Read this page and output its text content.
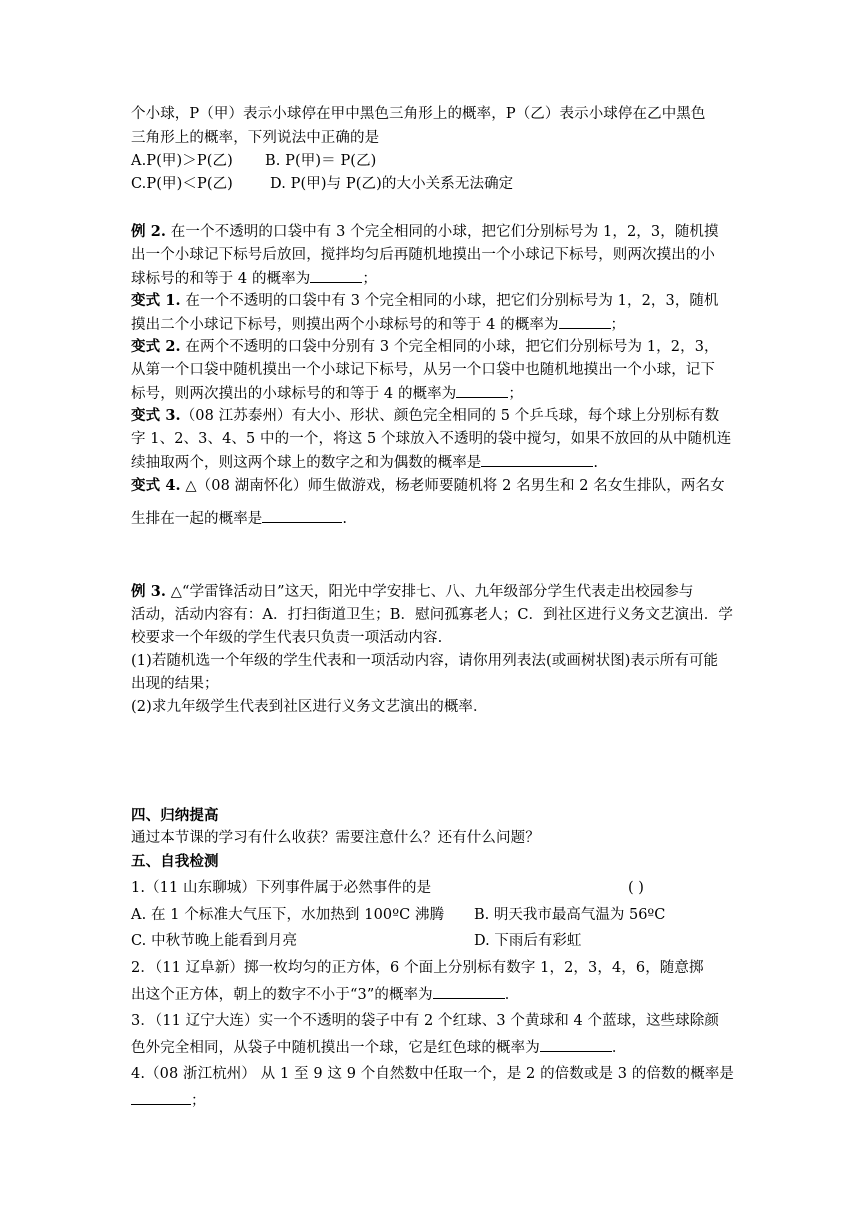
个小球，P（甲）表示小球停在甲中黑色三角形上的概率，P（乙）表示小球停在乙中黑色
三角形上的概率，下列说法中正确的是
A.P(甲)＞P(乙) B. P(甲)＝ P(乙)
C.P(甲)＜P(乙)	D. P(甲)与 P(乙)的大小关系无法确定
例 2. 在一个不透明的口袋中有 3 个完全相同的小球，把它们分别标号为 1，2，3，随机摸
出一个小球记下标号后放回，搅拌均匀后再随机地摸出一个小球记下标号，则两次摸出的小
球标号的和等于 4 的概率为	；
变式 1. 在一个不透明的口袋中有 3 个完全相同的小球，把它们分别标号为 1，2，3，随机
摸出二个小球记下标号，则摸出两个小球标号的和等于 4 的概率为	；
变式 2. 在两个不透明的口袋中分别有 3 个完全相同的小球，把它们分别标号为 1，2，3，
从第一个口袋中随机摸出一个小球记下标号，从另一个口袋中也随机地摸出一个小球，记下
标号，则两次摸出的小球标号的和等于 4 的概率为	；
变式 3.（08 江苏泰州）有大小、形状、颜色完全相同的 5 个乒乓球，每个球上分别标有数
字 1、2、3、4、5 中的一个，将这 5 个球放入不透明的袋中搅匀，如果不放回的从中随机连
续抽取两个，则这两个球上的数字之和为偶数的概率是	.
变式 4. △（08 湖南怀化）师生做游戏，杨老师要随机将 2 名男生和 2 名女生排队，两名女
生排在一起的概率是	.
例 3. △“学雷锋活动日”这天，阳光中学安排七、八、九年级部分学生代表走出校园参与
活动，活动内容有：A．打扫街道卫生；B．慰问孤寡老人；C．到社区进行义务文艺演出．学
校要求一个年级的学生代表只负责一项活动内容.
(1)若随机选一个年级的学生代表和一项活动内容，请你用列表法(或画树状图)表示所有可能
出现的结果；
(2)求九年级学生代表到社区进行义务文艺演出的概率．
四、归纳提高
通过本节课的学习有什么收获？需要注意什么？还有什么问题？
五、自我检测
1.（11 山东聊城）下列事件属于必然事件的是	( )
A. 在 1 个标准大气压下，水加热到 100ºC 沸腾 B. 明天我市最高气温为 56ºC
C. 中秋节晚上能看到月亮	D. 下雨后有彩虹
2．（11 辽阜新）掷一枚均匀的正方体，6 个面上分别标有数字 1，2，3，4，6，随意掷
出这个正方体，朝上的数字不小于“3”的概率为	．
3．（11 辽宁大连）实一个不透明的袋子中有 2 个红球、3 个黄球和 4 个蓝球，这些球除颜
色外完全相同，从袋子中随机摸出一个球，它是红色球的概率为	．
4.（08 浙江杭州） 从 1 至 9 这 9 个自然数中任取一个，是 2 的倍数或是 3 的倍数的概率是
；
